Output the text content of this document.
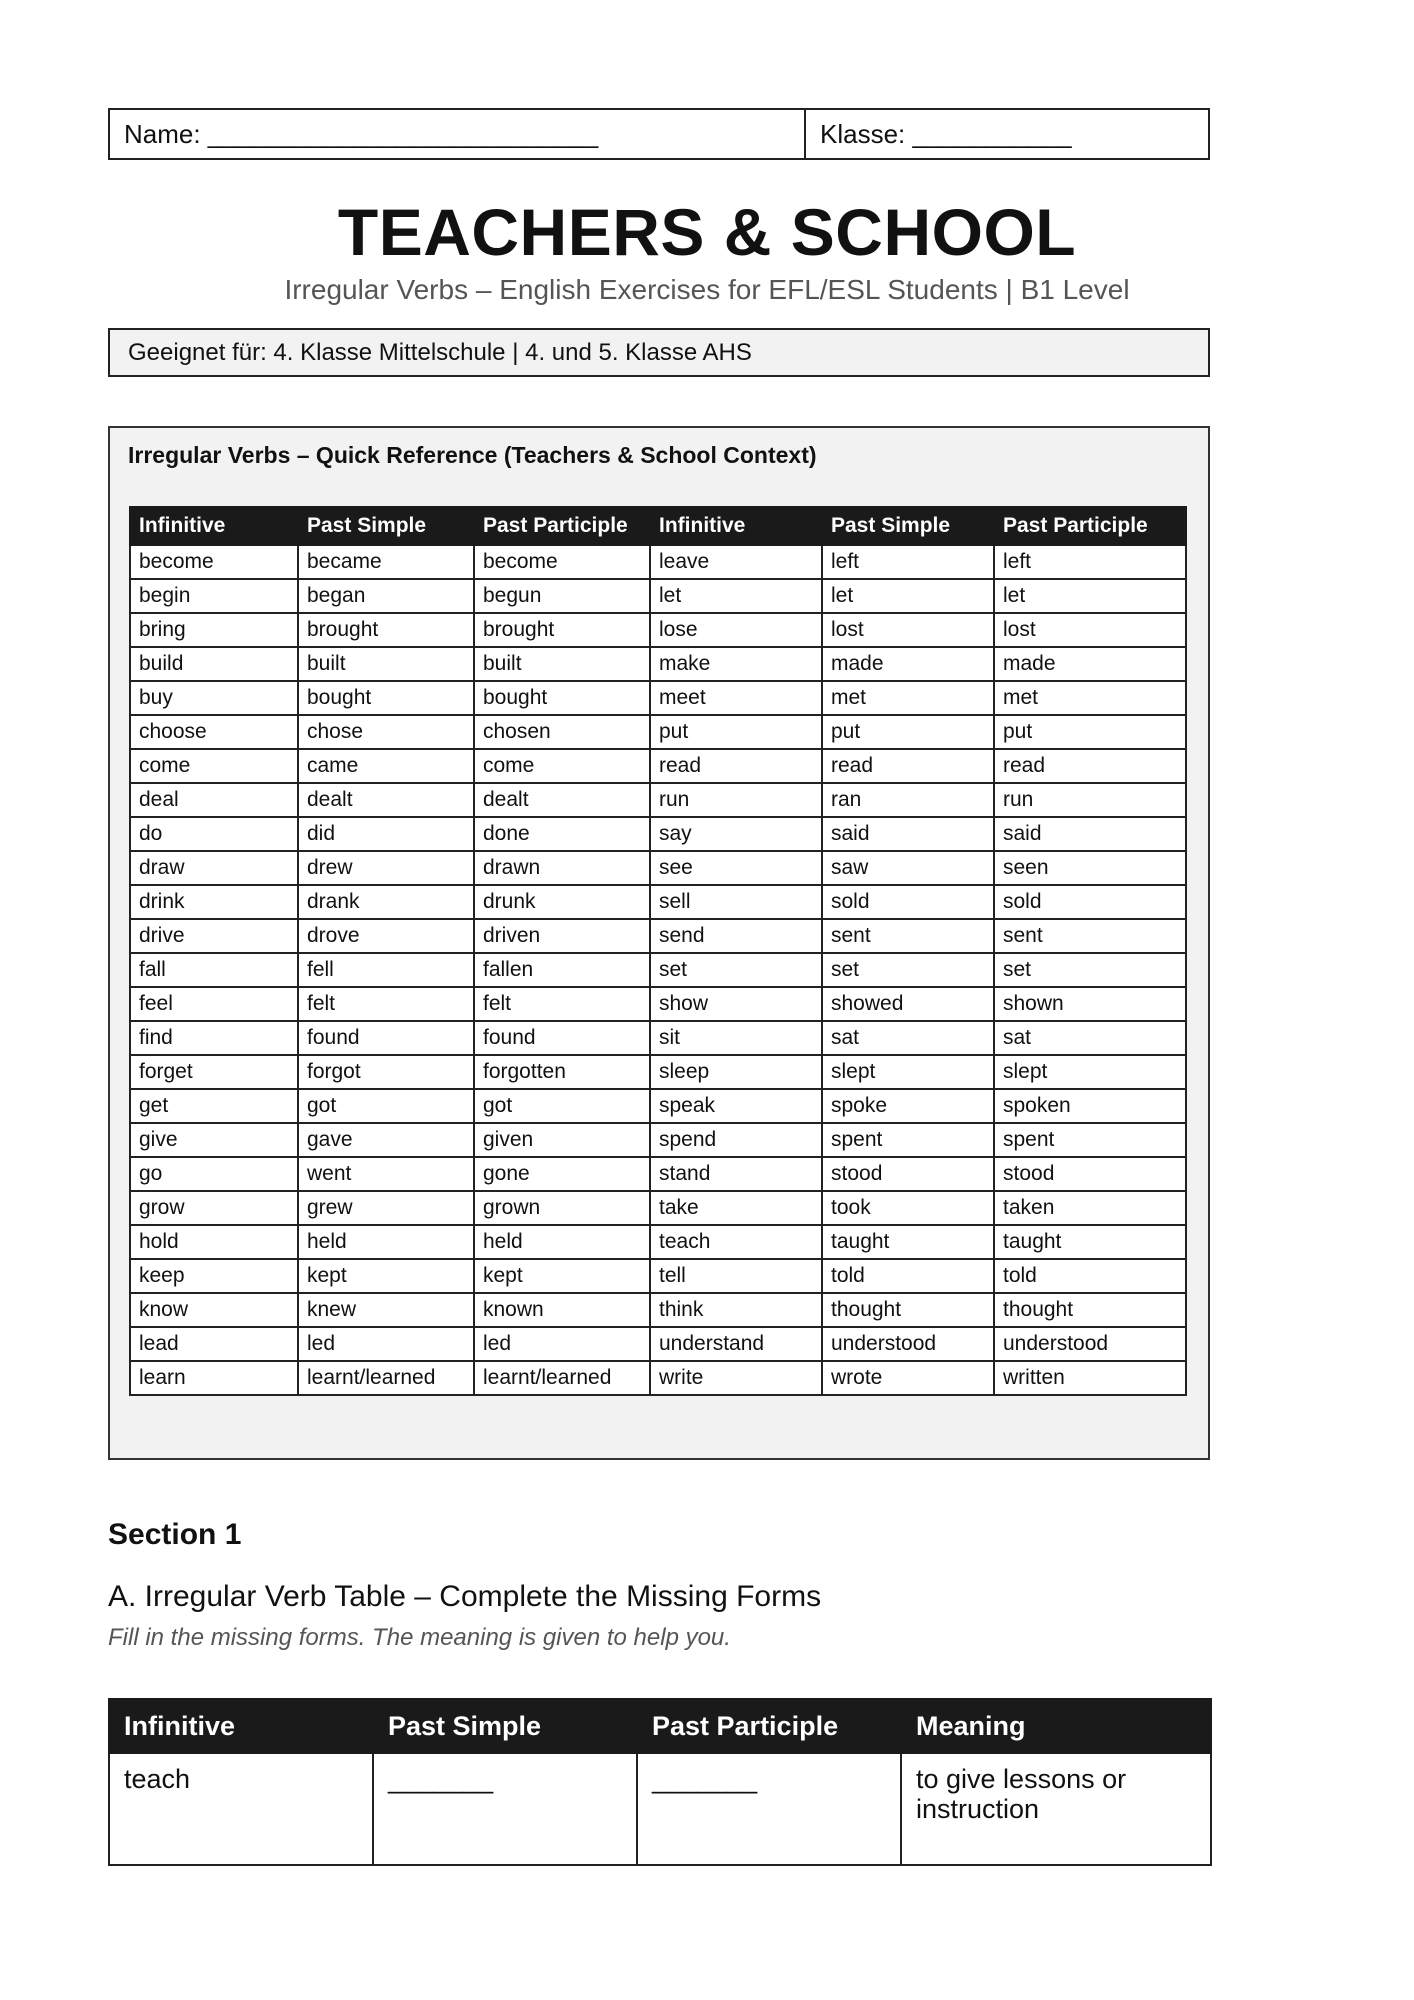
Name: ___________________________	Klasse: ___________
TEACHERS & SCHOOL
Irregular Verbs – English Exercises for EFL/ESL Students | B1 Level
Geeignet für: 4. Klasse Mittelschule | 4. und 5. Klasse AHS
Irregular Verbs – Quick Reference (Teachers & School Context)
Infinitive	Past Simple	Past Participle	Infinitive	Past Simple	Past Participle
become	became	become	leave	left	left
begin	began	begun	let	let	let
bring	brought	brought	lose	lost	lost
build	built	built	make	made	made
buy	bought	bought	meet	met	met
choose	chose	chosen	put	put	put
come	came	come	read	read	read
deal	dealt	dealt	run	ran	run
do	did	done	say	said	said
draw	drew	drawn	see	saw	seen
drink	drank	drunk	sell	sold	sold
drive	drove	driven	send	sent	sent
fall	fell	fallen	set	set	set
feel	felt	felt	show	showed	shown
find	found	found	sit	sat	sat
forget	forgot	forgotten	sleep	slept	slept
get	got	got	speak	spoke	spoken
give	gave	given	spend	spent	spent
go	went	gone	stand	stood	stood
grow	grew	grown	take	took	taken
hold	held	held	teach	taught	taught
keep	kept	kept	tell	told	told
know	knew	known	think	thought	thought
lead	led	led	understand	understood	understood
learn	learnt/learned	learnt/learned	write	wrote	written
Section 1
A. Irregular Verb Table – Complete the Missing Forms
Fill in the missing forms. The meaning is given to help you.
Infinitive	Past Simple	Past Participle	Meaning
teach	_______	_______	to give lessons or instruction
